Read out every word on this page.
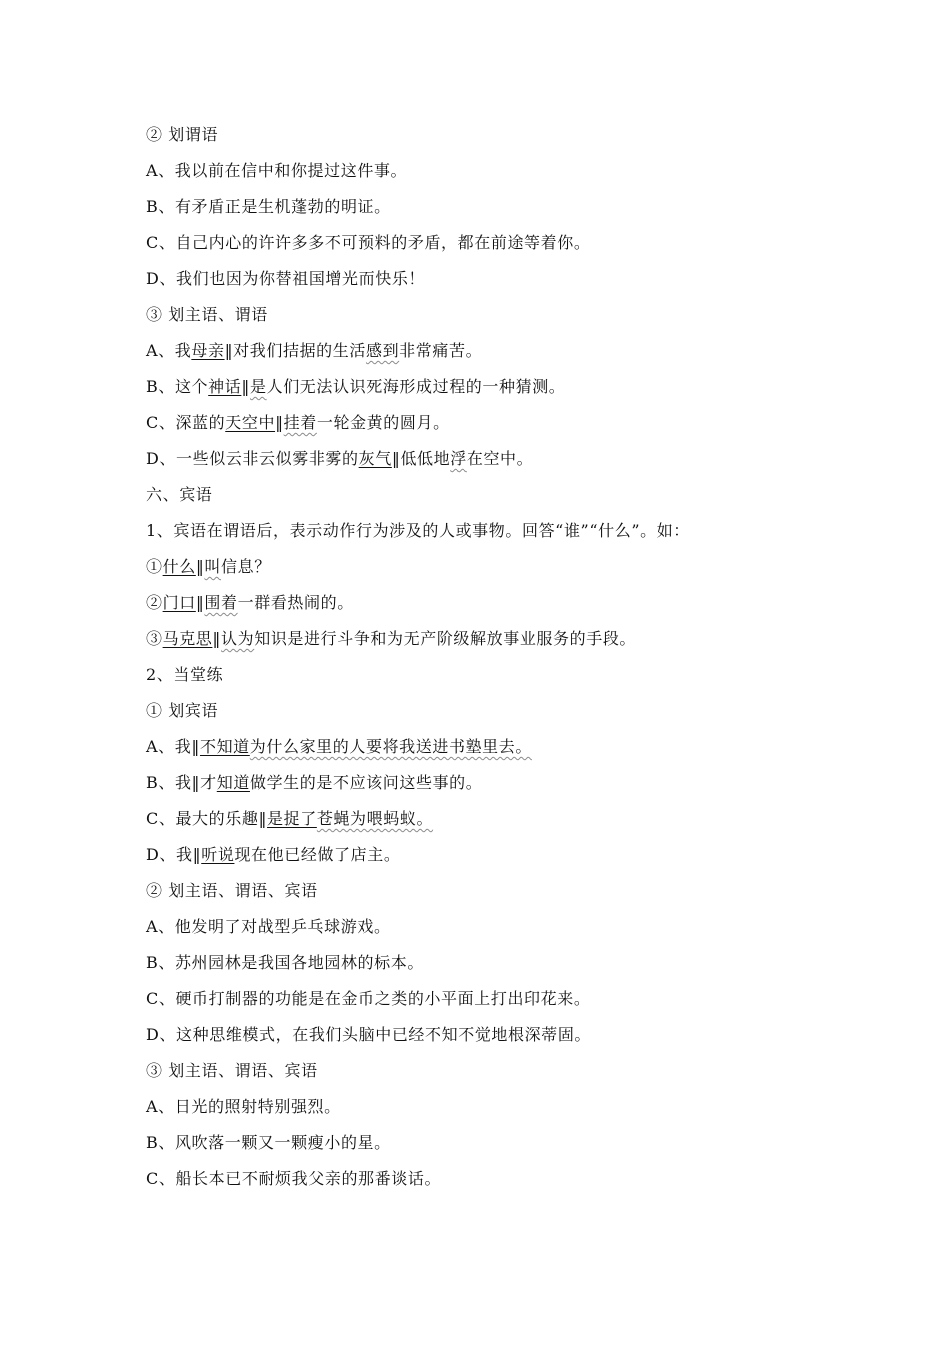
② 划谓语
A、我以前在信中和你提过这件事。
B、有矛盾正是生机蓬勃的明证。
C、自己内心的许许多多不可预料的矛盾，都在前途等着你。
D、我们也因为你替祖国增光而快乐！
③ 划主语、谓语
A、我母亲‖对我们拮据的生活感到非常痛苦。
B、这个神话‖是人们无法认识死海形成过程的一种猜测。
C、深蓝的天空中‖挂着一轮金黄的圆月。
D、一些似云非云似雾非雾的灰气‖低低地浮在空中。
六、宾语
1、宾语在谓语后，表示动作行为涉及的人或事物。回答“谁”“什么”。如：
①什么‖叫信息？
②门口‖围着一群看热闹的。
③马克思‖认为知识是进行斗争和为无产阶级解放事业服务的手段。
2、当堂练
① 划宾语
A、我‖不知道为什么家里的人要将我送进书塾里去。
B、我‖才知道做学生的是不应该问这些事的。
C、最大的乐趣‖是捉了苍蝇为喂蚂蚁。
D、我‖听说现在他已经做了店主。
② 划主语、谓语、宾语
A、他发明了对战型乒乓球游戏。
B、苏州园林是我国各地园林的标本。
C、硬币打制器的功能是在金币之类的小平面上打出印花来。
D、这种思维模式，在我们头脑中已经不知不觉地根深蒂固。
③ 划主语、谓语、宾语
A、日光的照射特别强烈。
B、风吹落一颗又一颗瘦小的星。
C、船长本已不耐烦我父亲的那番谈话。
